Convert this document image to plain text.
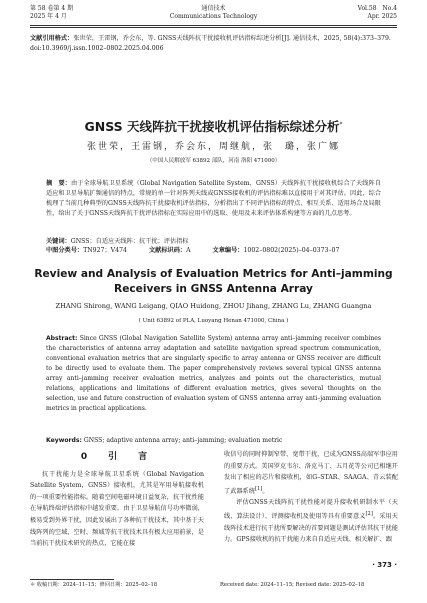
第 58 卷第 4 期
2025 年 4 月
通信技术
Communications Technology
Vol.58　No.4
Apr. 2025
文献引用格式：张世荣，王雷钢，乔会东，等. GNSS天线阵抗干扰接收机评估指标综述分析[J]. 通信技术，2025, 58(4):373–379.
doi:10.3969/j.issn.1002–0802.2025.04.006
GNSS 天线阵抗干扰接收机评估指标综述分析*
张世荣，王雷钢，乔会东，周继航，张　璐，张广娜
（中国人民解放军 63892 部队，河南 洛阳 471000）
摘　要：由于全球导航卫星系统（Global Navigation Satellite System，GNSS）天线阵抗干扰接收机综合了天线阵自适应和卫星导航扩频通信的特点，常规的单一针对阵列天线或GNSS接收机的评估指标难以直接用于对其评估。因此，综合梳理了当前几种典型的GNSS天线阵抗干扰接收机评估指标，分析指出了不同评估指标的特点、相互关系、适用场合及局限性，给出了关于GNSS天线阵抗干扰评估指标在实际应用中的选取、使用及未来评估体系构建等方面的几点思考。
关键词：GNSS；自适应天线阵；抗干扰；评估指标
中图分类号：TN927；V474	文献标识码：A	文章编号：1002–0802(2025)–04–0373–07
Review and Analysis of Evaluation Metrics for Anti–jamming Receivers in GNSS Antenna Array
ZHANG Shirong, WANG Leigang, QIAO Huidong, ZHOU Jihang, ZHANG Lu, ZHANG Guangna
( Unit 63892 of PLA, Luoyang Henan 471000, China )
Abstract: Since GNSS (Global Navigation Satellite System) antenna array anti–jamming receiver combines the characteristics of antenna array adaptation and satellite navigation spread spectrum communication, conventional evaluation metrics that are singularly specific to array antenna or GNSS receiver are difficult to be directly used to evaluate them. The paper comprehensively reviews several typical GNSS antenna array anti–jamming receiver evaluation metrics, analyzes and points out the characteristics, mutual relations, applications and limitations of different evaluation metrics, gives several thoughts on the selection, use and future construction of evaluation system of GNSS antenna array anti–jamming evaluation metrics in practical applications.
Keywords: GNSS; adaptive antenna array; anti–jamming; evaluation metric
0　引　言

抗干扰能力是全球导航卫星系统（Global Navigation Satellite System，GNSS）接收机，尤其是军用导航接收机的一项重要性能指标。随着空间电磁环境日益复杂，抗干扰性能在导航终端评估指标中越发重要。由于卫星导航信号功率微弱，极易受到外界干扰，因此发展出了各种抗干扰技术，其中基于天线阵列的空域、空时、频域等抗干扰技术具有极大应用前景，是当前抗干扰技术研究的热点，它能在接

收信号的同时抑制窄带、宽带干扰，已成为GNSS高端军事应用的重要方式。美国罗克韦尔、洛克马丁、五月花等公司已相继开发出了相应的芯片和接收机，如G–STAR、SAAGA、青云装配了武器系统[1]。

评估GNSS天线阵抗干扰性能对提升接收机研制水平（天线、算法设计）、评测接收机及使用等具有重要意义[2]。采用天线阵技术进行抗干扰所要解决的首要问题是测试评估其抗干扰能力。GPS接收机的抗干扰能力来自自适应天线、相关解扩、跟

· 373 ·
＊ 收稿日期：2024–11–15；修回日期：2025–02–18	Received date: 2024–11–15; Revised date: 2025–02–18
